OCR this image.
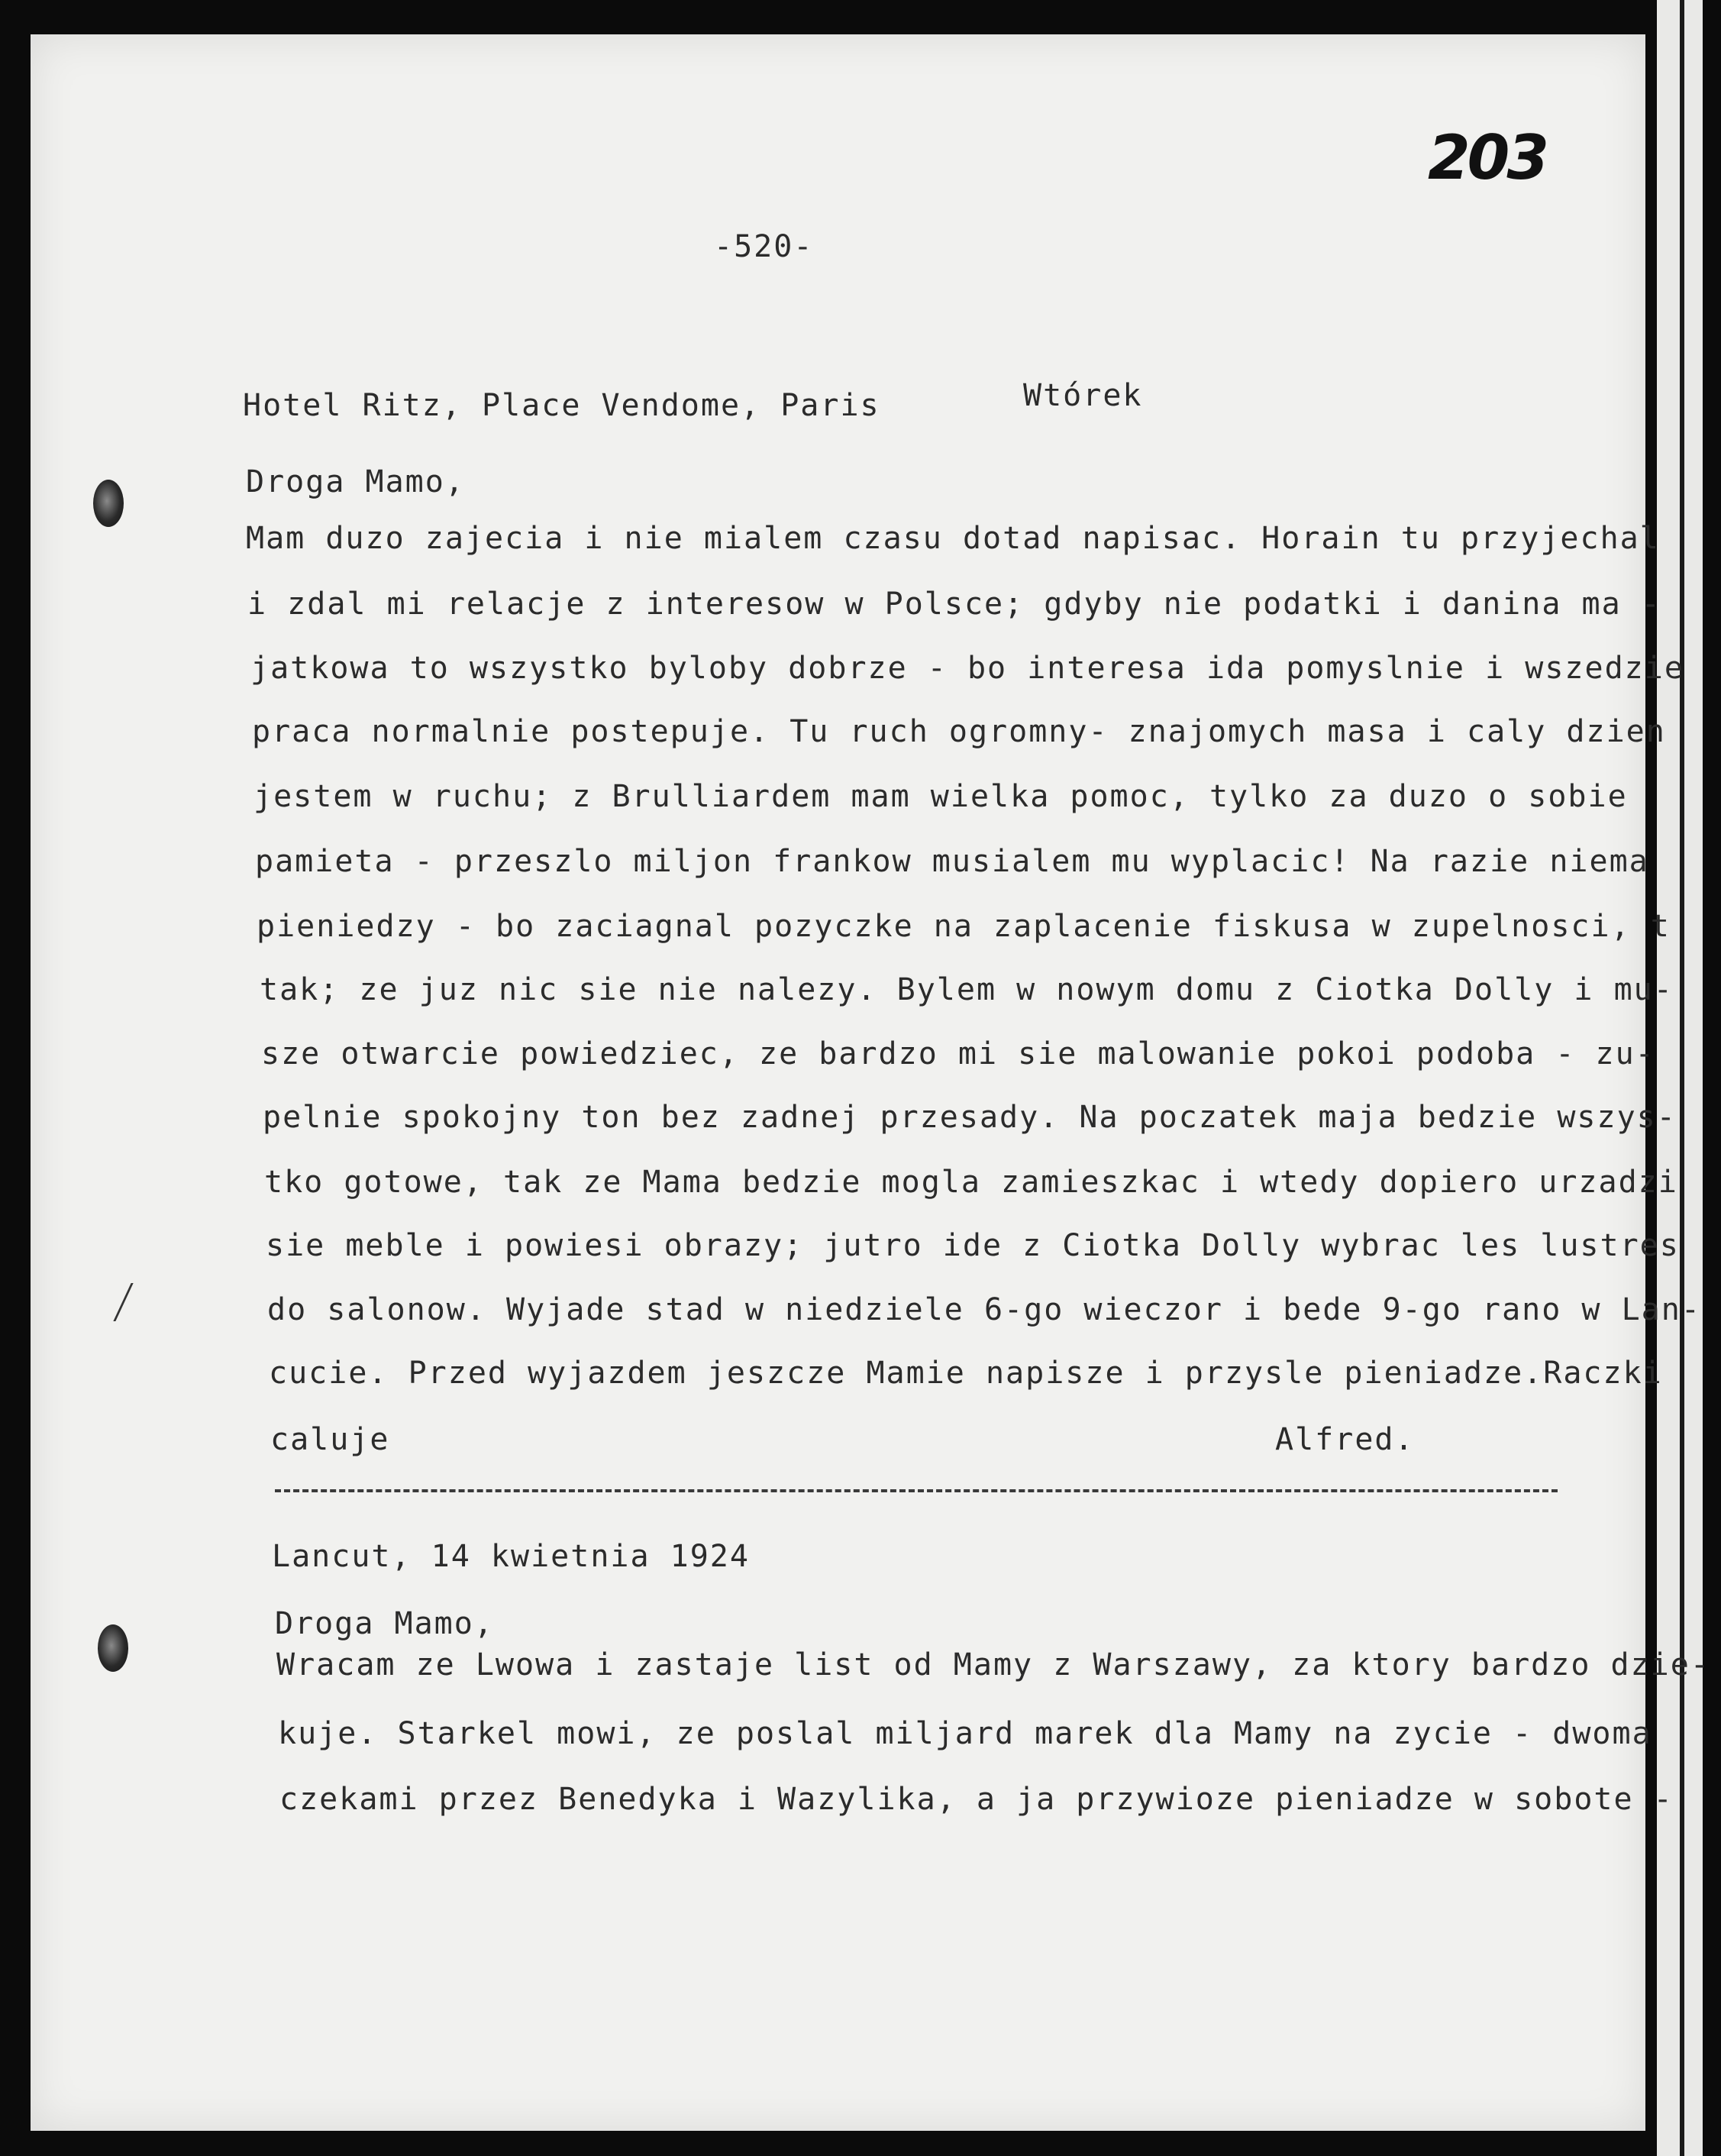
203
-520-
Hotel Ritz, Place Vendome, Paris	Wtórek
Droga Mamo,
Mam duzo zajecia i nie mialem czasu dotad napisac. Horain tu przyjechal
i zdal mi relacje z interesow w Polsce; gdyby nie podatki i danina ma -
jatkowa to wszystko byloby dobrze - bo interesa ida pomyslnie i wszedzie
praca normalnie postepuje. Tu ruch ogromny- znajomych masa i caly dzien
jestem w ruchu; z Brulliardem mam wielka pomoc, tylko za duzo o sobie
pamieta - przeszlo miljon frankow musialem mu wyplacic! Na razie niema
pieniedzy - bo zaciagnal pozyczke na zaplacenie fiskusa w zupelnosci, t
tak; ze juz nic sie nie nalezy. Bylem w nowym domu z Ciotka Dolly i mu-
sze otwarcie powiedziec, ze bardzo mi sie malowanie pokoi podoba - zu-
pelnie spokojny ton bez zadnej przesady. Na poczatek maja bedzie wszys-
tko gotowe, tak ze Mama bedzie mogla zamieszkac i wtedy dopiero urzadzi
sie meble i powiesi obrazy; jutro ide z Ciotka Dolly wybrac les lustres
do salonow. Wyjade stad w niedziele 6-go wieczor i bede 9-go rano w Lan-
cucie. Przed wyjazdem jeszcze Mamie napisze i przysle pieniadze.Raczki
caluje	Alfred.
Lancut, 14 kwietnia 1924
Droga Mamo,
Wracam ze Lwowa i zastaje list od Mamy z Warszawy, za ktory bardzo dzie-
kuje. Starkel mowi, ze poslal miljard marek dla Mamy na zycie - dwoma
czekami przez Benedyka i Wazylika, a ja przywioze pieniadze w sobote -
